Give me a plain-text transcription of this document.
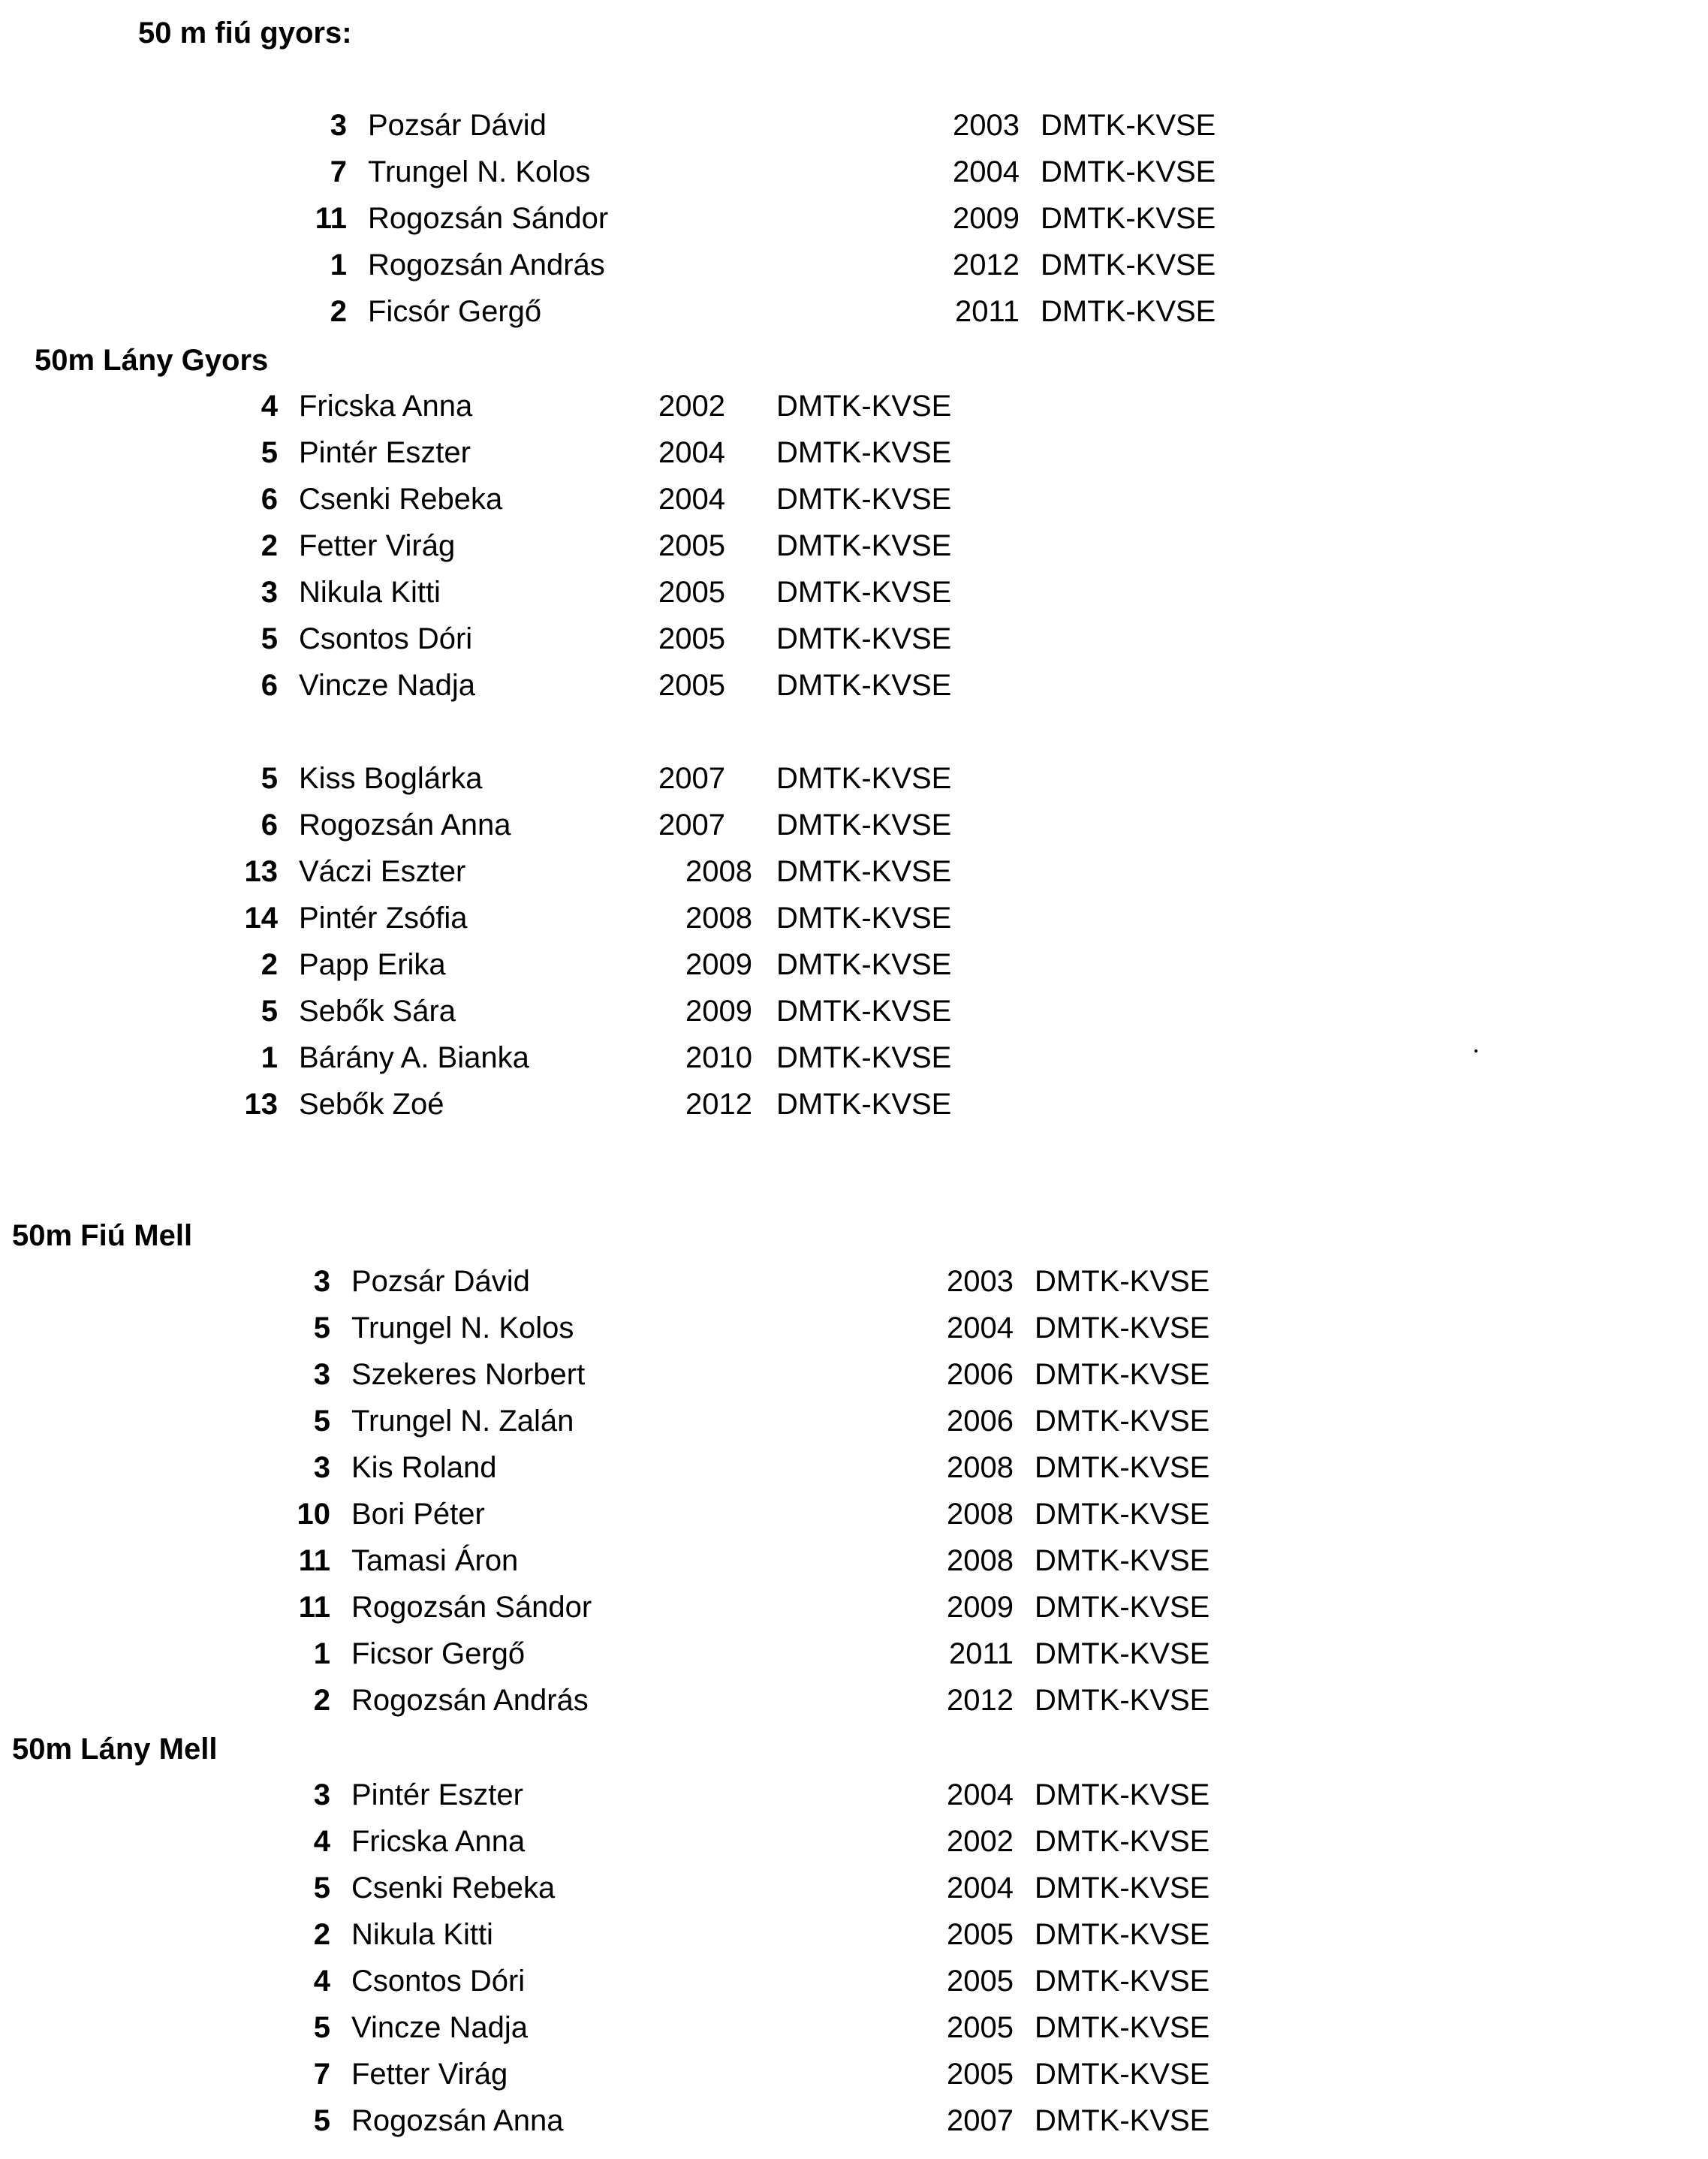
50 m fiú gyors:
3 Pozsár Dávid	2003 DMTK-KVSE
7 Trungel N. Kolos	2004 DMTK-KVSE
11 Rogozsán Sándor	2009 DMTK-KVSE
1 Rogozsán András	2012 DMTK-KVSE
2 Ficsór Gergő	2011 DMTK-KVSE
50m Lány Gyors
4 Fricska Anna	2002 DMTK-KVSE
5 Pintér Eszter	2004 DMTK-KVSE
6 Csenki Rebeka	2004 DMTK-KVSE
2 Fetter Virág	2005 DMTK-KVSE
3 Nikula Kitti	2005 DMTK-KVSE
5 Csontos Dóri	2005 DMTK-KVSE
6 Vincze Nadja	2005 DMTK-KVSE
5 Kiss Boglárka	2007 DMTK-KVSE
6 Rogozsán Anna	2007 DMTK-KVSE
13 Váczi Eszter	2008 DMTK-KVSE
14 Pintér Zsófia	2008 DMTK-KVSE
2 Papp Erika	2009 DMTK-KVSE
5 Sebők Sára	2009 DMTK-KVSE
1 Bárány A. Bianka	2010 DMTK-KVSE
13 Sebők Zoé	2012 DMTK-KVSE
50m Fiú Mell
3 Pozsár Dávid	2003 DMTK-KVSE
5 Trungel N. Kolos	2004 DMTK-KVSE
3 Szekeres Norbert	2006 DMTK-KVSE
5 Trungel N. Zalán	2006 DMTK-KVSE
3 Kis Roland	2008 DMTK-KVSE
10 Bori Péter	2008 DMTK-KVSE
11 Tamasi Áron	2008 DMTK-KVSE
11 Rogozsán Sándor	2009 DMTK-KVSE
1 Ficsor Gergő	2011 DMTK-KVSE
2 Rogozsán András	2012 DMTK-KVSE
50m Lány Mell
3 Pintér Eszter	2004 DMTK-KVSE
4 Fricska Anna	2002 DMTK-KVSE
5 Csenki Rebeka	2004 DMTK-KVSE
2 Nikula Kitti	2005 DMTK-KVSE
4 Csontos Dóri	2005 DMTK-KVSE
5 Vincze Nadja	2005 DMTK-KVSE
7 Fetter Virág	2005 DMTK-KVSE
5 Rogozsán Anna	2007 DMTK-KVSE
